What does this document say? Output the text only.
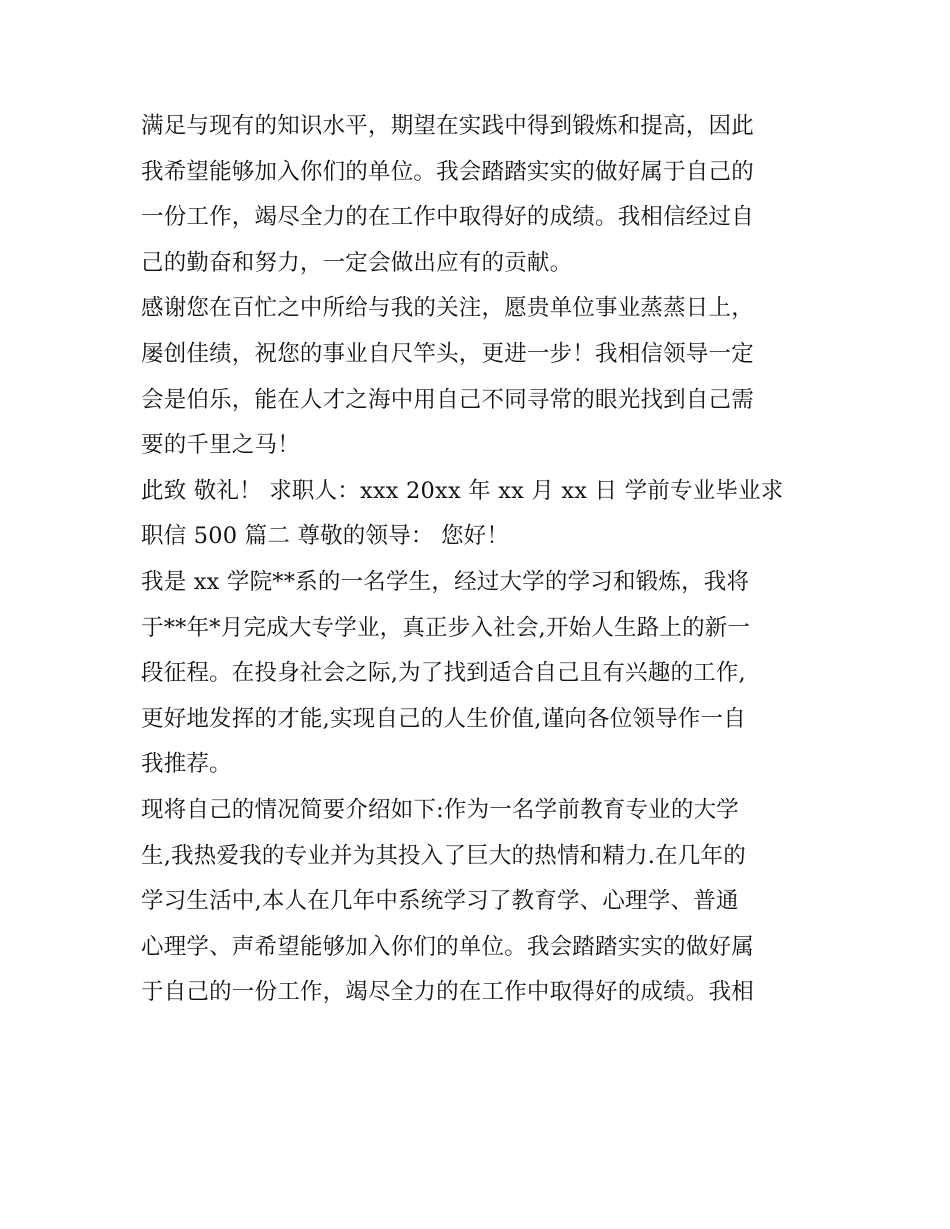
满足与现有的知识水平，期望在实践中得到锻炼和提高，因此
我希望能够加入你们的单位。我会踏踏实实的做好属于自己的
一份工作，竭尽全力的在工作中取得好的成绩。我相信经过自
己的勤奋和努力，一定会做出应有的贡献。
感谢您在百忙之中所给与我的关注，愿贵单位事业蒸蒸日上，
屡创佳绩，祝您的事业自尺竿头，更进一步！我相信领导一定
会是伯乐，能在人才之海中用自己不同寻常的眼光找到自己需
要的千里之马！
此致 敬礼！ 求职人：xxx 20xx 年 xx 月 xx 日 学前专业毕业求
职信 500 篇二 尊敬的领导： 您好！
我是 xx 学院**系的一名学生，经过大学的学习和锻炼，我将
于**年*月完成大专学业，真正步入社会,开始人生路上的新一
段征程。在投身社会之际,为了找到适合自己且有兴趣的工作,
更好地发挥的才能,实现自己的人生价值,谨向各位领导作一自
我推荐。
现将自己的情况简要介绍如下:作为一名学前教育专业的大学
生,我热爱我的专业并为其投入了巨大的热情和精力.在几年的
学习生活中,本人在几年中系统学习了教育学、心理学、普通
心理学、声希望能够加入你们的单位。我会踏踏实实的做好属
于自己的一份工作，竭尽全力的在工作中取得好的成绩。我相
